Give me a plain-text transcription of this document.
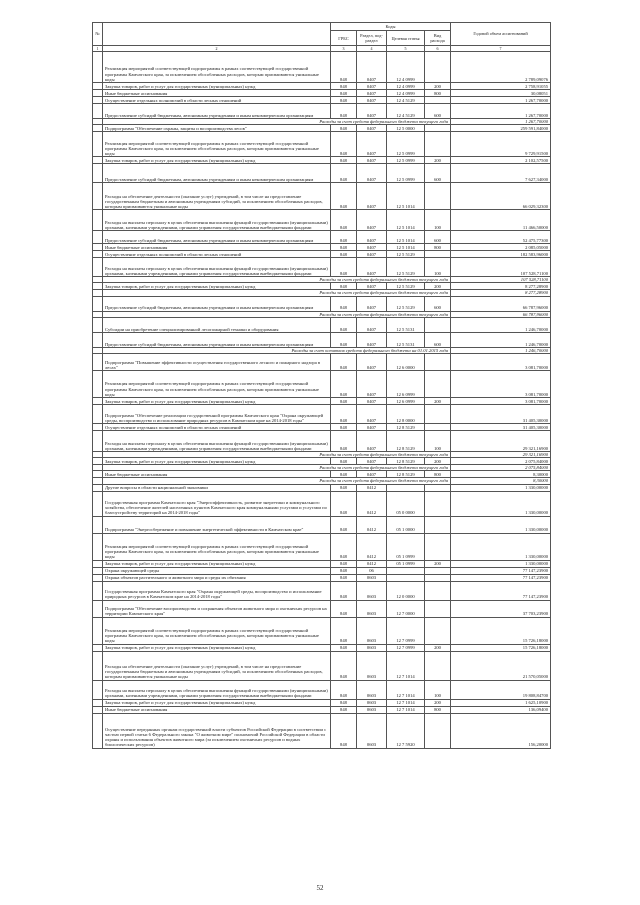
№		Коды				Годовой объем ассигнований
		ГРБС	Раздел, под-раздел	Целевая статья	Вид расхода	
1	2	3	4	5	6	7
	Реализация мероприятий соответствующей подпрограммы в рамках соответствующей государственной программы Камчатского края, за исключением обособленных расходов, которым присваиваются уникальные коды	848	0407	12 4 0999		2 789,09076
	Закупка товаров, работ и услуг для государственных (муниципальных) нужд	848	0407	12 4 0999	200	2 758,91055
	Иные бюджетные ассигнования	848	0407	12 4 0999	800	30,08051
	Осуществление отдельных полномочий в области лесных отношений	848	0407	12 4 5129		1 267,70000
	Предоставление субсидий бюджетным, автономным учреждениям и иным некоммерческим организациям	848	0407	12 4 5129	600	1 267,70000
	Расходы за счет средств федерального бюджета текущего года					1 267,70000
	Подпрограмма "Обеспечение охраны, защиты и воспроизводства лесов"	848	0407	12 5 0000		259 591,84000
	Реализация мероприятий соответствующей подпрограммы в рамках соответствующей государственной программы Камчатского края, за исключением обособленных расходов, которым присваиваются уникальные коды	848	0407	12 5 0999		9 729,91500
	Закупка товаров, работ и услуг для государственных (муниципальных) нужд	848	0407	12 5 0999	200	2 102,57500
	Предоставление субсидий бюджетным, автономным учреждениям и иным некоммерческим организациям	848	0407	12 5 0999	600	7 627,34000
	Расходы на обеспечение деятельности (оказание услуг) учреждений, в том числе на предоставление государственным бюджетным и автономным учреждениям субсидий, за исключением обособленных расходов, которым присваиваются уникальные коды	848	0407	12 5 1014		66 029,32300
	Расходы на выплаты персоналу в целях обеспечения выполнения функций государственными (муниципальными) органами, казенными учреждениями, органами управления государственными внебюджетными фондами	848	0407	12 5 1014	100	11 466,50000
	Предоставление субсидий бюджетным, автономным учреждениям и иным некоммерческим организациям	848	0407	12 5 1014	600	52 475,77300
	Иные бюджетные ассигнования	848	0407	12 5 1014	800	2 085,05000
	Осуществление отдельных полномочий в области лесных отношений	848	0407	12 5 5129		182 583,96000
	Расходы на выплаты персоналу в целях обеспечения выполнения функций государственными (муниципальными) органами, казенными учреждениями, органами управления государственными внебюджетными фондами	848	0407	12 5 5129	100	107 528,71100
	Расходы за счет средств федерального бюджета текущего года					107 528,71100
	Закупка товаров, работ и услуг для государственных (муниципальных) нужд	848	0407	12 5 5129	200	8 277,28900
	Расходы за счет средств федерального бюджета текущего года					8 277,28900
	Предоставление субсидий бюджетным, автономным учреждениям и иным некоммерческим организациям	848	0407	12 5 5129	600	66 787,96000
	Расходы за счет средств федерального бюджета текущего года					66 787,96000
	Субсидии на приобретение специализированной лесопожарной техники и оборудования	848	0407	12 5 5131		1 246,70000
	Предоставление субсидий бюджетным, автономным учреждениям и иным некоммерческим организациям	848	0407	12 5 5131	600	1 246,70000
	Расходы за счет остатков средств федерального бюджета на 01.01.2015 года					1 246,70000
	Подпрограмма "Повышение эффективности осуществления государственного лесного и пожарного надзора в лесах"	848	0407	12 6 0000		3 081,70000
	Реализация мероприятий соответствующей подпрограммы в рамках соответствующей государственной программы Камчатского края, за исключением обособленных расходов, которым присваиваются уникальные коды	848	0407	12 6 0999		3 081,70000
	Закупка товаров, работ и услуг для государственных (муниципальных) нужд	848	0407	12 6 0999	200	3 081,70000
	Подпрограмма "Обеспечение реализации государственной программы Камчатского края "Охрана окружающей среды, воспроизводство и использование природных ресурсов в Камчатском крае на 2014-2018 годы"	848	0407	12 8 0000		31 405,30000
	Осуществление отдельных полномочий в области лесных отношений	848	0407	12 8 5129		31 405,30000
	Расходы на выплаты персоналу в целях обеспечения выполнения функций государственными (муниципальными) органами, казенными учреждениями, органами управления государственными внебюджетными фондами	848	0407	12 8 5129	100	29 321,16900
	Расходы за счет средств федерального бюджета текущего года					29 321,16900
	Закупка товаров, работ и услуг для государственных (муниципальных) нужд	848	0407	12 8 5129	200	2 075,84000
	Расходы за счет средств федерального бюджета текущего года					2 075,84000
	Иные бюджетные ассигнования	848	0407	12 8 5129	800	8,30000
	Расходы за счет средств федерального бюджета текущего года					8,30000
	Другие вопросы в области национальной экономики	848	0412			1 330,00000
	Государственная программа Камчатского края "Энергоэффективность, развитие энергетики и коммунального хозяйства, обеспечение жителей населенных пунктов Камчатского края коммунальными услугами и услугами по благоустройству территорий на 2014-2018 годы"	848	0412	05 0 0000		1 330,00000
	Подпрограмма "Энергосбережение и повышение энергетической эффективности в Камчатском крае"	848	0412	05 1 0000		1 330,00000
	Реализация мероприятий соответствующей подпрограммы в рамках соответствующей государственной программы Камчатского края, за исключением обособленных расходов, которым присваиваются уникальные коды	848	0412	05 1 0999		1 330,00000
	Закупка товаров, работ и услуг для государственных (муниципальных) нужд	848	0412	05 1 0999	200	1 330,00000
	Охрана окружающей среды	848	06			77 147,23900
	Охрана объектов растительного и животного мира и среды их обитания	848	0603			77 147,23900
	Государственная программа Камчатского края "Охрана окружающей среды, воспроизводство и использование природных ресурсов в Камчатском крае на 2014-2018 годы"	848	0603	12 0 0000		77 147,23900
	Подпрограмма "Обеспечение воспроизводства и сохранения объектов животного мира и охотничьих ресурсов на территории Камчатского края"	848	0603	12 7 0000		37 703,23900
	Реализация мероприятий соответствующей подпрограммы в рамках соответствующей государственной программы Камчатского края, за исключением обособленных расходов, которым присваиваются уникальные коды	848	0603	12 7 0999		15 726,18000
	Закупка товаров, работ и услуг для государственных (муниципальных) нужд	848	0603	12 7 0999	200	15 726,18000
	Расходы на обеспечение деятельности (оказание услуг) учреждений, в том числе на предоставление государственным бюджетным и автономным учреждениям субсидий, за исключением обособленных расходов, которым присваиваются уникальные коды	848	0603	12 7 1014		21 570,05000
	Расходы на выплаты персоналу в целях обеспечения выполнения функций государственными (муниципальными) органами, казенными учреждениями, органами управления государственными внебюджетными фондами	848	0603	12 7 1014	100	19 808,84700
	Закупка товаров, работ и услуг для государственных (муниципальных) нужд	848	0603	12 7 1014	200	1 625,10900
	Иные бюджетные ассигнования	848	0603	12 7 1014	800	136,09400
	Осуществление переданных органам государственной власти субъектов Российской Федерации в соответствии с частью первой статьи 6 Федерального закона "О животном мире" полномочий Российской Федерации в области охраны и использования объектов животного мира (за исключением охотничьих ресурсов и водных биологических ресурсов)	848	0603	12 7 5920		156,20000
52
